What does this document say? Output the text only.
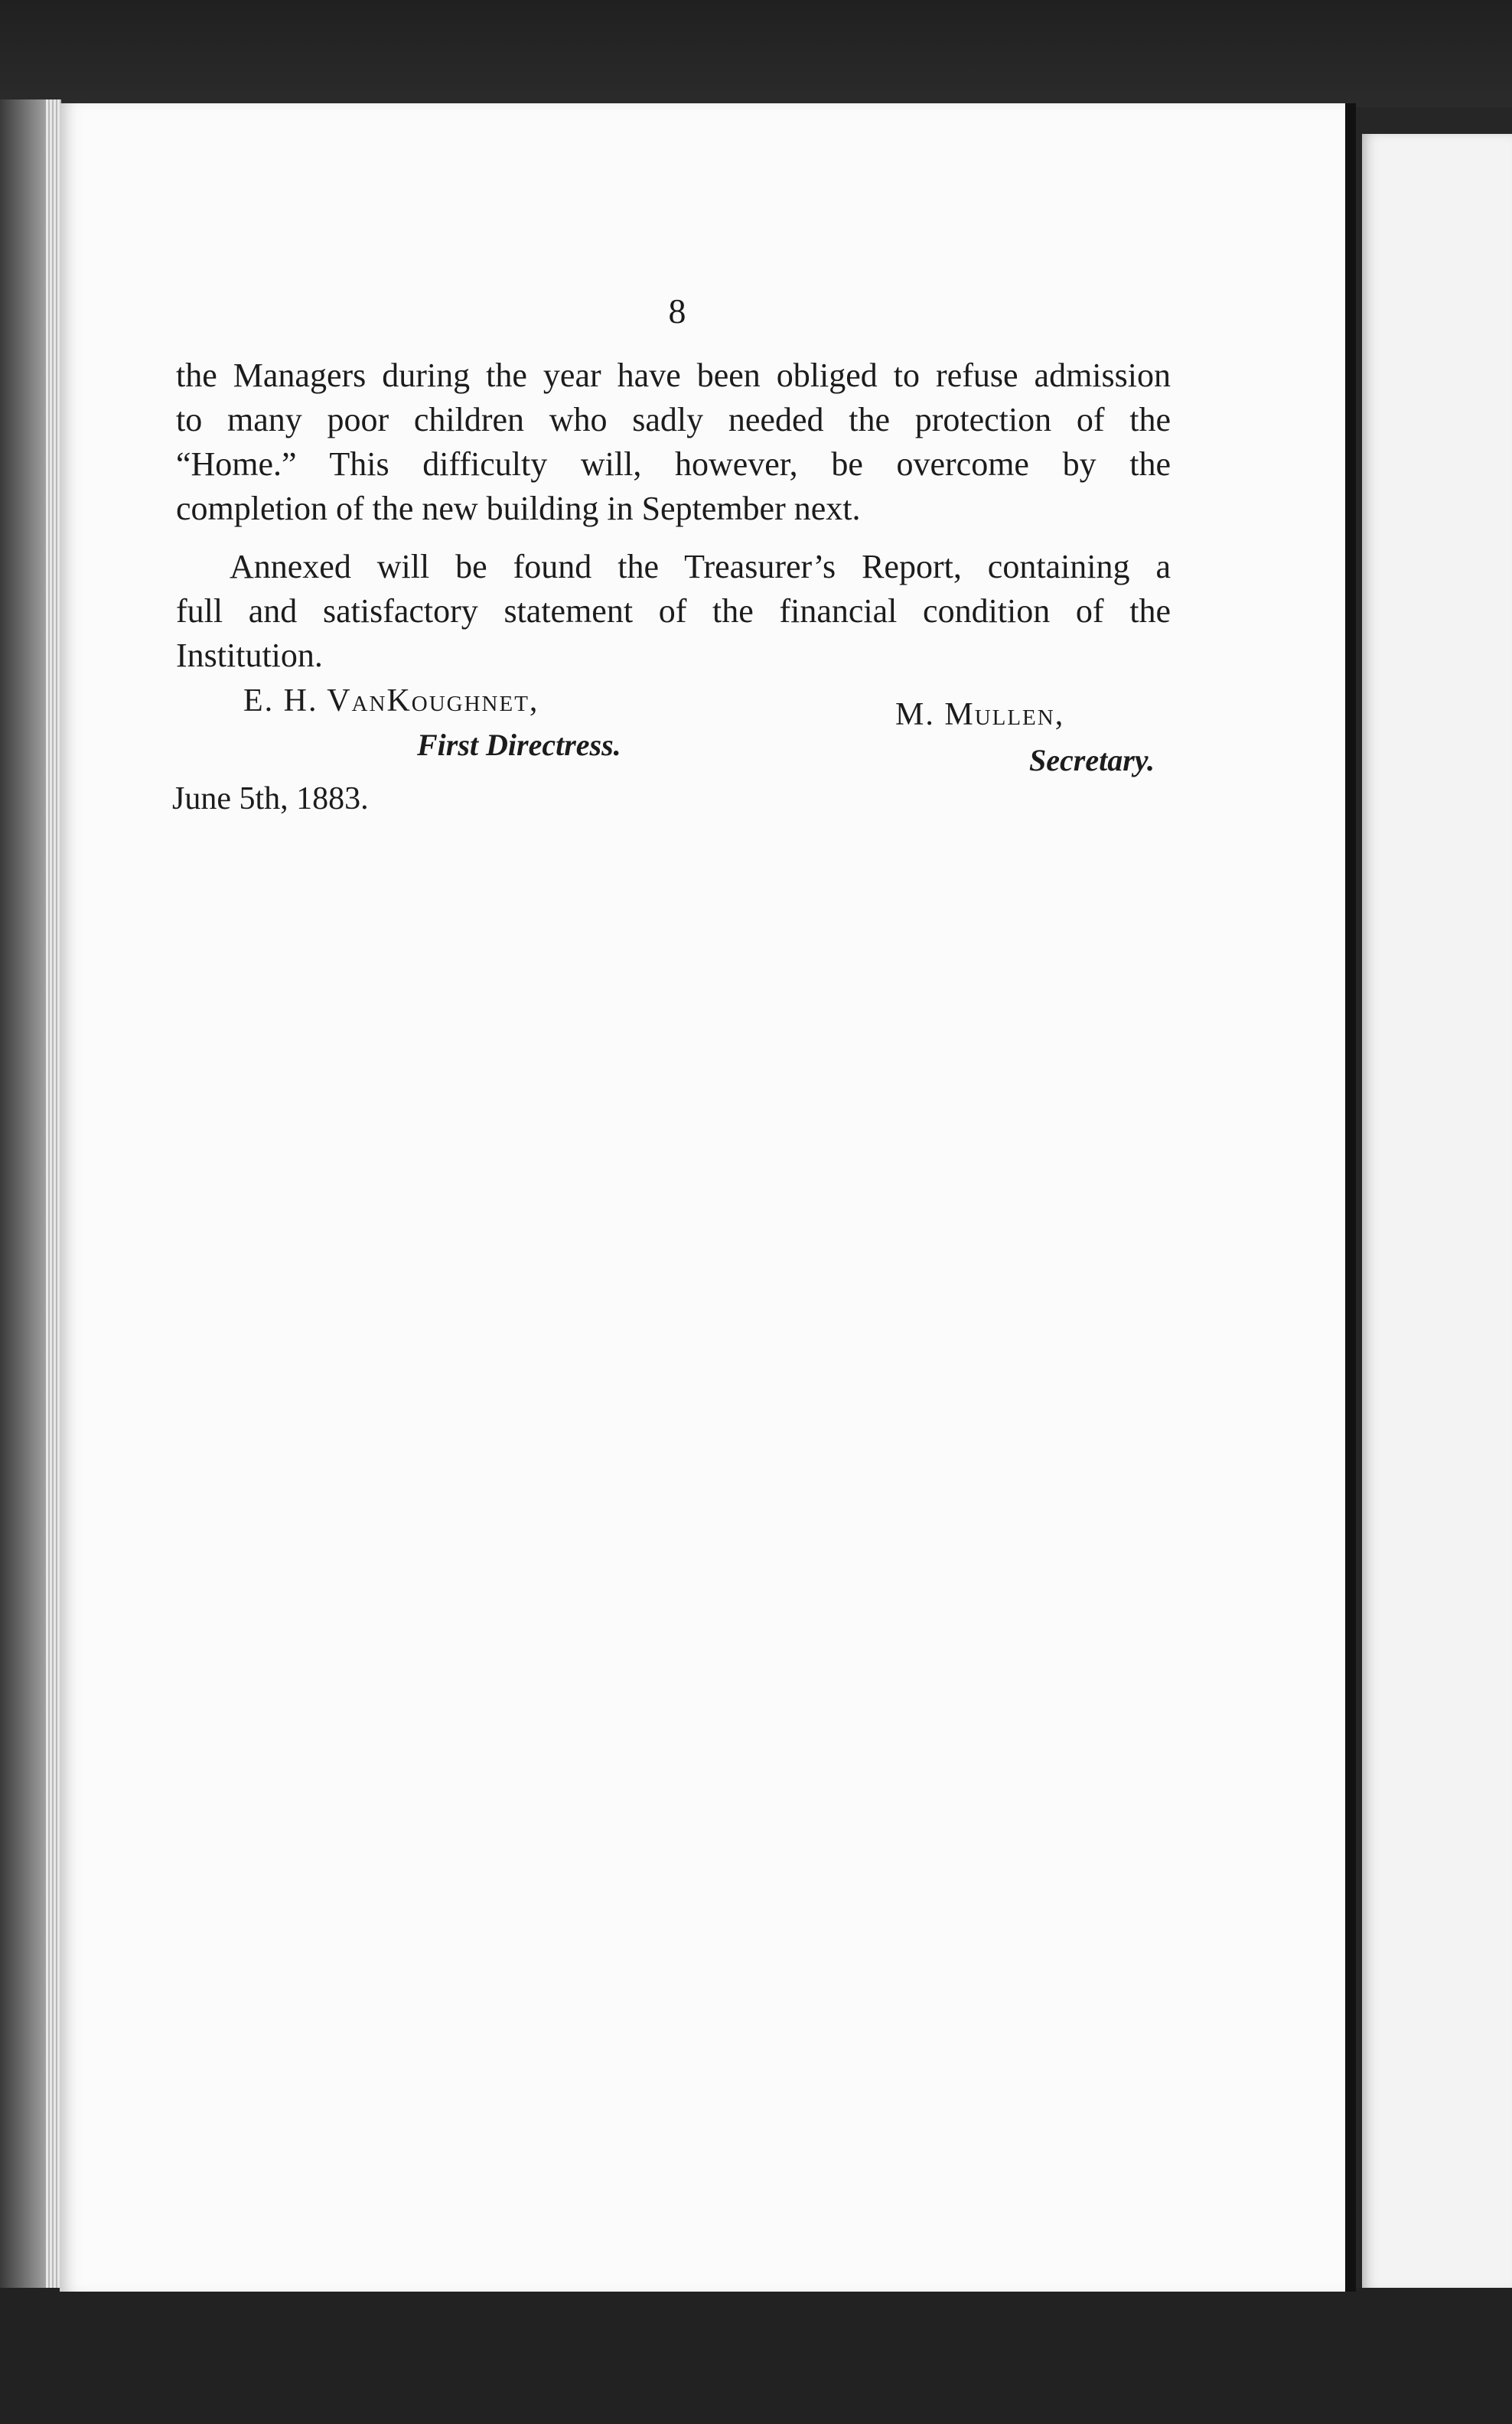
8

the Managers during the year have been obliged to refuse admission
to many poor children who sadly needed the protection of the
“Home.” This difficulty will, however, be overcome by the
completion of the new building in September next.

Annexed will be found the Treasurer’s Report, containing a
full and satisfactory statement of the financial condition of the
Institution.

E. H. VanKoughnet,
First Directress.
M. Mullen,
Secretary.
June 5th, 1883.
